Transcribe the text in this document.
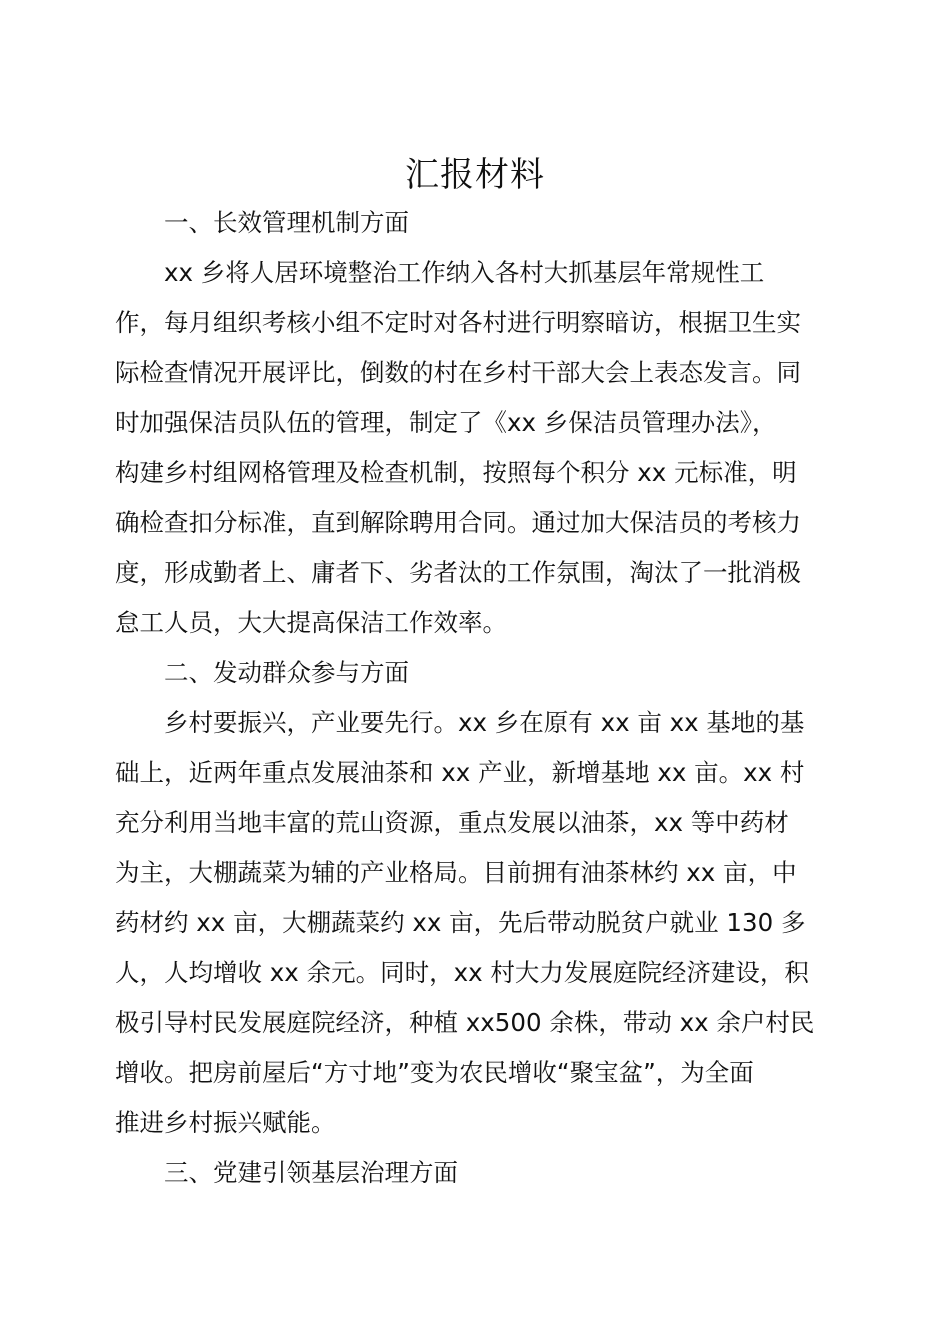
汇报材料
一、长效管理机制方面
xx 乡将人居环境整治工作纳入各村大抓基层年常规性工
作，每月组织考核小组不定时对各村进行明察暗访，根据卫生实
际检查情况开展评比，倒数的村在乡村干部大会上表态发言。同
时加强保洁员队伍的管理，制定了《xx 乡保洁员管理办法》，
构建乡村组网格管理及检查机制，按照每个积分 xx 元标准，明
确检查扣分标准，直到解除聘用合同。通过加大保洁员的考核力
度，形成勤者上、庸者下、劣者汰的工作氛围，淘汰了一批消极
怠工人员，大大提高保洁工作效率。
二、发动群众参与方面
乡村要振兴，产业要先行。xx 乡在原有 xx 亩 xx 基地的基
础上，近两年重点发展油茶和 xx 产业，新增基地 xx 亩。xx 村
充分利用当地丰富的荒山资源，重点发展以油茶，xx 等中药材
为主，大棚蔬菜为辅的产业格局。目前拥有油茶林约 xx 亩，中
药材约 xx 亩，大棚蔬菜约 xx 亩，先后带动脱贫户就业 130 多
人，人均增收 xx 余元。同时，xx 村大力发展庭院经济建设，积
极引导村民发展庭院经济，种植 xx500 余株，带动 xx 余户村民
增收。把房前屋后“方寸地”变为农民增收“聚宝盆”，为全面
推进乡村振兴赋能。
三、党建引领基层治理方面
